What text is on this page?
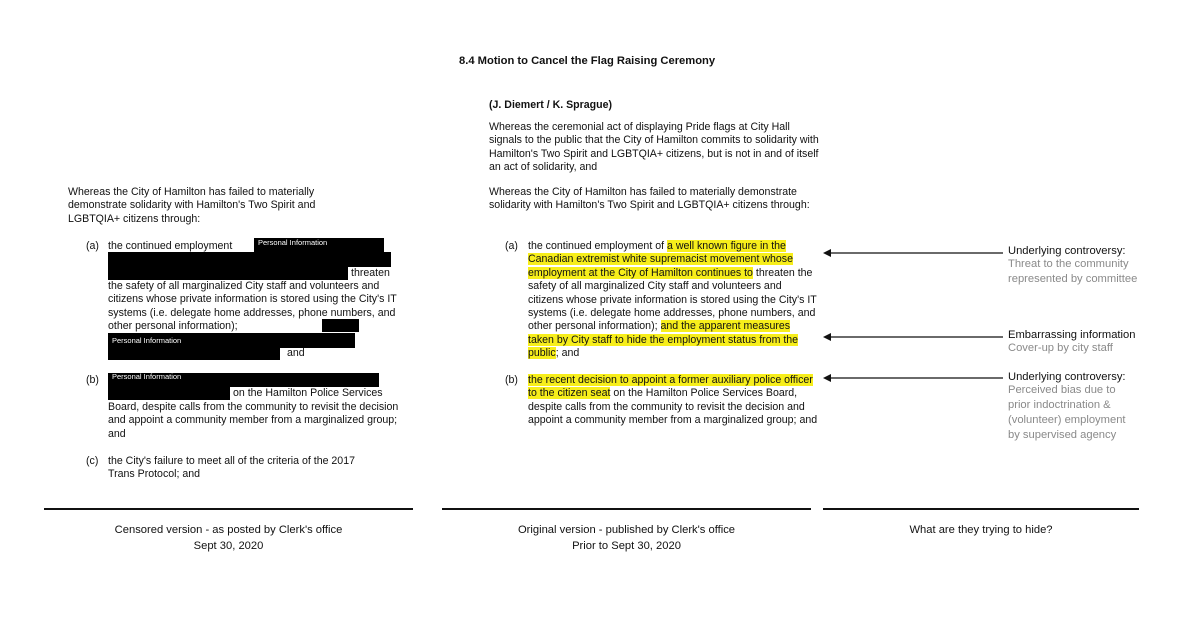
8.4 Motion to Cancel the Flag Raising Ceremony
(J. Diemert / K. Sprague)
Whereas the City of Hamilton has failed to materially demonstrate solidarity with Hamilton's Two Spirit and LGBTQIA+ citizens through:
(a) the continued employment	Personal Information
threaten
the safety of all marginalized City staff and volunteers and citizens whose private information is stored using the City's IT systems (i.e. delegate home addresses, phone numbers, and other personal information);
Personal Information
and
(b)	Personal Information
on the Hamilton Police Services
Board, despite calls from the community to revisit the decision and appoint a community member from a marginalized group; and
(c) the City's failure to meet all of the criteria of the 2017 Trans Protocol; and
Whereas the ceremonial act of displaying Pride flags at City Hall signals to the public that the City of Hamilton commits to solidarity with Hamilton's Two Spirit and LGBTQIA+ citizens, but is not in and of itself an act of solidarity, and
Whereas the City of Hamilton has failed to materially demonstrate solidarity with Hamilton's Two Spirit and LGBTQIA+ citizens through:
(a) the continued employment of a well known figure in the Canadian extremist white supremacist movement whose employment at the City of Hamilton continues to threaten the safety of all marginalized City staff and volunteers and citizens whose private information is stored using the City's IT systems (i.e. delegate home addresses, phone numbers, and other personal information); and the apparent measures taken by City staff to hide the employment status from the public; and
(b) the recent decision to appoint a former auxiliary police officer to the citizen seat on the Hamilton Police Services Board, despite calls from the community to revisit the decision and appoint a community member from a marginalized group; and
Underlying controversy:
Threat to the community represented by committee
Embarrassing information
Cover-up by city staff
Underlying controversy:
Perceived bias due to prior indoctrination & (volunteer) employment by supervised agency
Censored version - as posted by Clerk's office
Sept 30, 2020
Original version - published by Clerk's office
Prior to Sept 30, 2020
What are they trying to hide?
